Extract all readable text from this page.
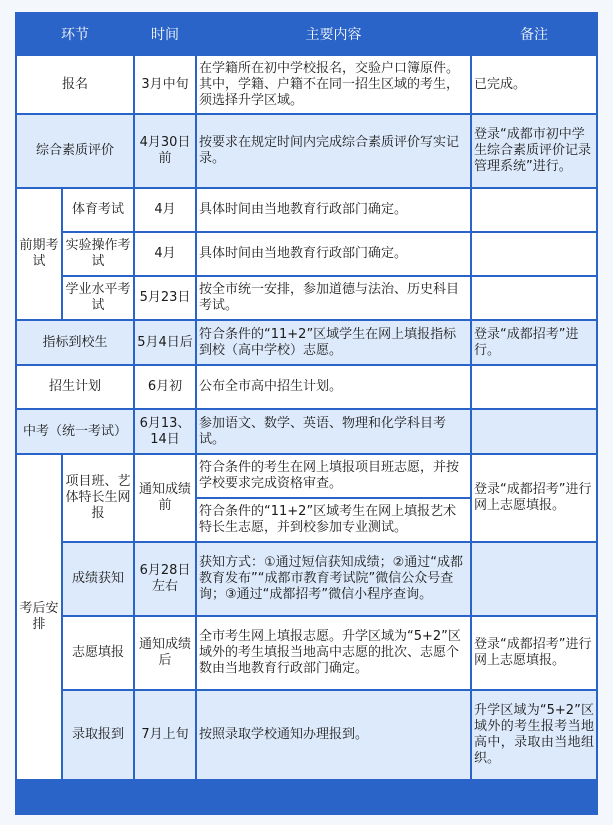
环节		时间	主要内容	备注
报名		3月中旬	在学籍所在初中学校报名，交验户口簿原件。其中，学籍、户籍不在同一招生区域的考生，须选择升学区域。	已完成。
综合素质评价		4月30日前	按要求在规定时间内完成综合素质评价写实记录。	登录“成都市初中学生综合素质评价记录管理系统”进行。
前期考试	体育考试	4月	具体时间由当地教育行政部门确定。	
	实验操作考试	4月	具体时间由当地教育行政部门确定。	
	学业水平考试	5月23日	按全市统一安排，参加道德与法治、历史科目考试。	
指标到校生		5月4日后	符合条件的“11+2”区域学生在网上填报指标到校（高中学校）志愿。	登录“成都招考”进行。
招生计划		6月初	公布全市高中招生计划。	
中考（统一考试）		6月13、14日	参加语文、数学、英语、物理和化学科目考试。	
考后安排	项目班、艺体特长生网报	通知成绩前	符合条件的考生在网上填报项目班志愿，并按学校要求完成资格审查。	登录“成都招考”进行网上志愿填报。
			符合条件的“11+2”区域考生在网上填报艺术特长生志愿，并到校参加专业测试。	
	成绩获知	6月28日左右	获知方式：①通过短信获知成绩；②通过“成都教育发布”“成都市教育考试院”微信公众号查询；③通过“成都招考”微信小程序查询。	
	志愿填报	通知成绩后	全市考生网上填报志愿。升学区域为“5+2”区域外的考生填报当地高中志愿的批次、志愿个数由当地教育行政部门确定。	登录“成都招考”进行网上志愿填报。
	录取报到	7月上旬	按照录取学校通知办理报到。	升学区域为“5+2”区域外的考生报考当地高中，录取由当地组织。
